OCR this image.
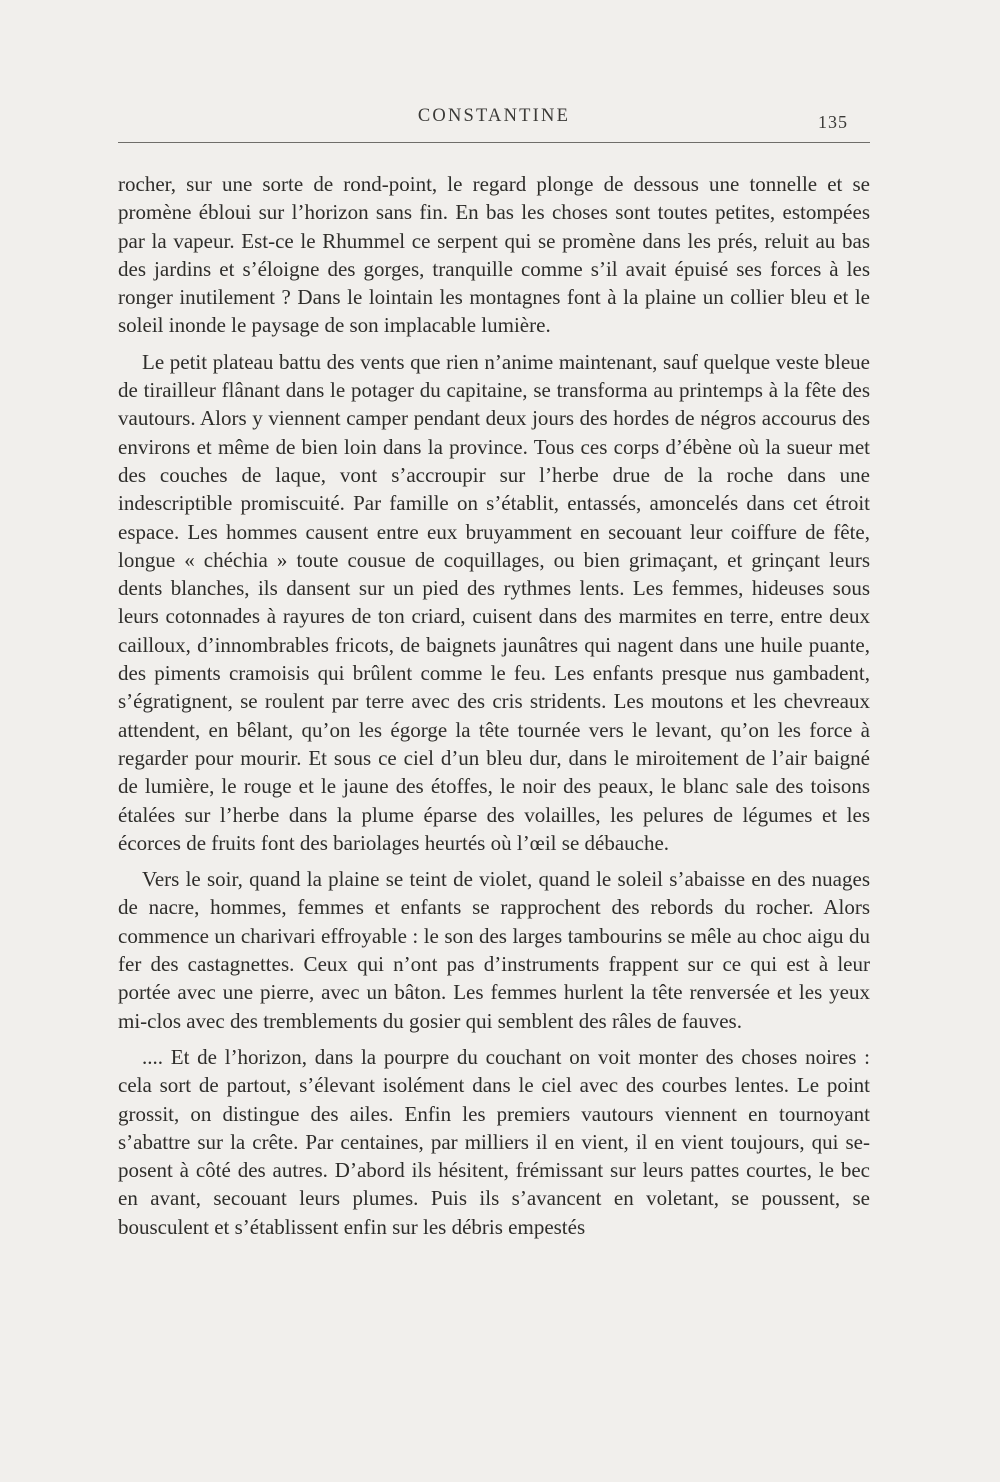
CONSTANTINE	135

rocher, sur une sorte de rond-point, le regard plonge de dessous une tonnelle et se promène ébloui sur l’horizon sans fin. En bas les choses sont toutes petites, estompées par la vapeur. Est-ce le Rhummel ce serpent qui se promène dans les prés, reluit au bas des jardins et s’éloigne des gorges, tranquille comme s’il avait épuisé ses forces à les ronger inutilement ? Dans le lointain les montagnes font à la plaine un collier bleu et le soleil inonde le paysage de son implacable lumière.

Le petit plateau battu des vents que rien n’anime maintenant, sauf quelque veste bleue de tirailleur flânant dans le potager du capitaine, se transforma au printemps à la fête des vautours. Alors y viennent camper pendant deux jours des hordes de négros accourus des environs et même de bien loin dans la province. Tous ces corps d’ébène où la sueur met des couches de laque, vont s’accroupir sur l’herbe drue de la roche dans une indescriptible promiscuité. Par famille on s’établit, entassés, amoncelés dans cet étroit espace. Les hommes causent entre eux bruyamment en secouant leur coiffure de fête, longue « chéchia » toute cousue de coquillages, ou bien grimaçant, et grinçant leurs dents blanches, ils dansent sur un pied des rythmes lents. Les femmes, hideuses sous leurs cotonnades à rayures de ton criard, cuisent dans des marmites en terre, entre deux cailloux, d’innombrables fricots, de baignets jaunâtres qui nagent dans une huile puante, des piments cramoisis qui brûlent comme le feu. Les enfants presque nus gambadent, s’égratignent, se roulent par terre avec des cris stridents. Les moutons et les chevreaux attendent, en bêlant, qu’on les égorge la tête tournée vers le levant, qu’on les force à regarder pour mourir. Et sous ce ciel d’un bleu dur, dans le miroitement de l’air baigné de lumière, le rouge et le jaune des étoffes, le noir des peaux, le blanc sale des toisons étalées sur l’herbe dans la plume éparse des volailles, les pelures de légumes et les écorces de fruits font des bariolages heurtés où l’œil se débauche.

Vers le soir, quand la plaine se teint de violet, quand le soleil s’abaisse en des nuages de nacre, hommes, femmes et enfants se rapprochent des rebords du rocher. Alors commence un charivari effroyable : le son des larges tambourins se mêle au choc aigu du fer des castagnettes. Ceux qui n’ont pas d’instruments frappent sur ce qui est à leur portée avec une pierre, avec un bâton. Les femmes hurlent la tête renversée et les yeux mi-clos avec des tremblements du gosier qui semblent des râles de fauves.

.... Et de l’horizon, dans la pourpre du couchant on voit monter des choses noires : cela sort de partout, s’élevant isolément dans le ciel avec des courbes lentes. Le point grossit, on distingue des ailes. Enfin les premiers vautours viennent en tournoyant s’abattre sur la crête. Par centaines, par milliers il en vient, il en vient toujours, qui se-posent à côté des autres. D’abord ils hésitent, frémissant sur leurs pattes courtes, le bec en avant, secouant leurs plumes. Puis ils s’avancent en voletant, se poussent, se bousculent et s’établissent enfin sur les débris empestés
